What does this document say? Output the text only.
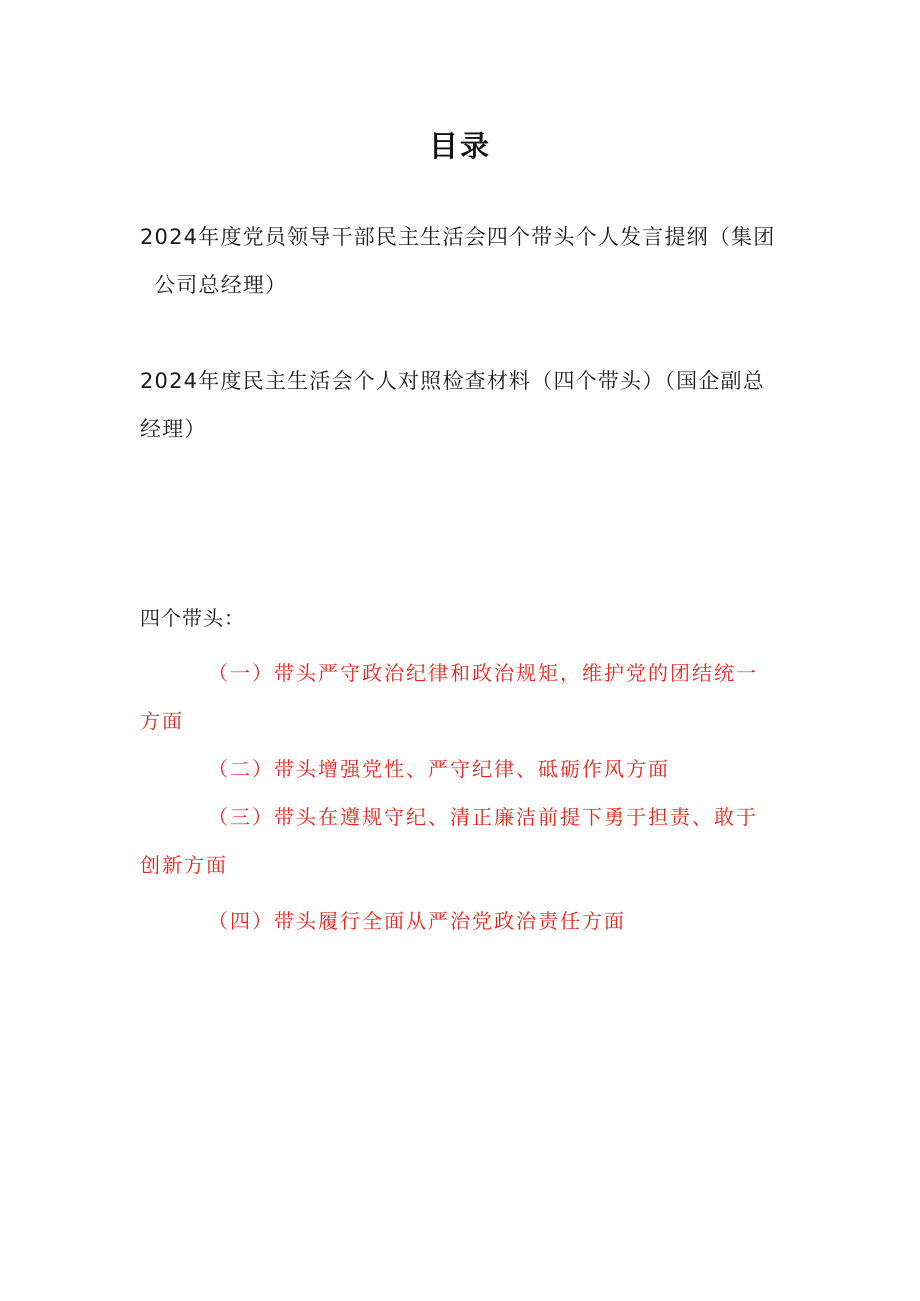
目录
2024年度党员领导干部民主生活会四个带头个人发言提纲（集团
公司总经理）
2024年度民主生活会个人对照检查材料（四个带头）（国企副总
经理）
四个带头：
（一）带头严守政治纪律和政治规矩，维护党的团结统一
方面
（二）带头增强党性、严守纪律、砥砺作风方面
（三）带头在遵规守纪、清正廉洁前提下勇于担责、敢于
创新方面
（四）带头履行全面从严治党政治责任方面
